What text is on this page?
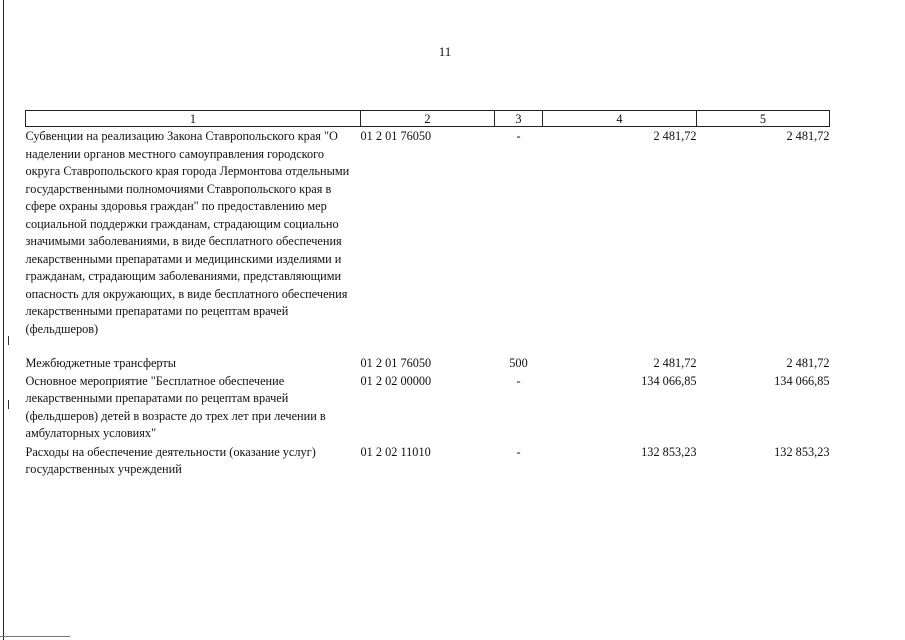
11
1	2	3	4	5
Субвенции на реализацию Закона Ставропольского края "О наделении органов местного самоуправления городского округа Ставропольского края города Лермонтова отдельными государственными полномочиями Ставропольского края в сфере охраны здоровья граждан" по предоставлению мер социальной поддержки гражданам, страдающим социально значимыми заболеваниями, в виде бесплатного обеспечения лекарственными препаратами и медицинскими изделиями и гражданам, страдающим заболеваниями, представляющими опасность для окружающих, в виде бесплатного обеспечения лекарственными препаратами по рецептам врачей (фельдшеров)	01 2 01 76050	-	2 481,72	2 481,72

Межбюджетные трансферты	01 2 01 76050	500	2 481,72	2 481,72
Основное мероприятие "Бесплатное обеспечение лекарственными препаратами по рецептам врачей (фельдшеров) детей в возрасте до трех лет при лечении в амбулаторных условиях"	01 2 02 00000	-	134 066,85	134 066,85
Расходы на обеспечение деятельности (оказание услуг) государственных учреждений	01 2 02 11010	-	132 853,23	132 853,23
